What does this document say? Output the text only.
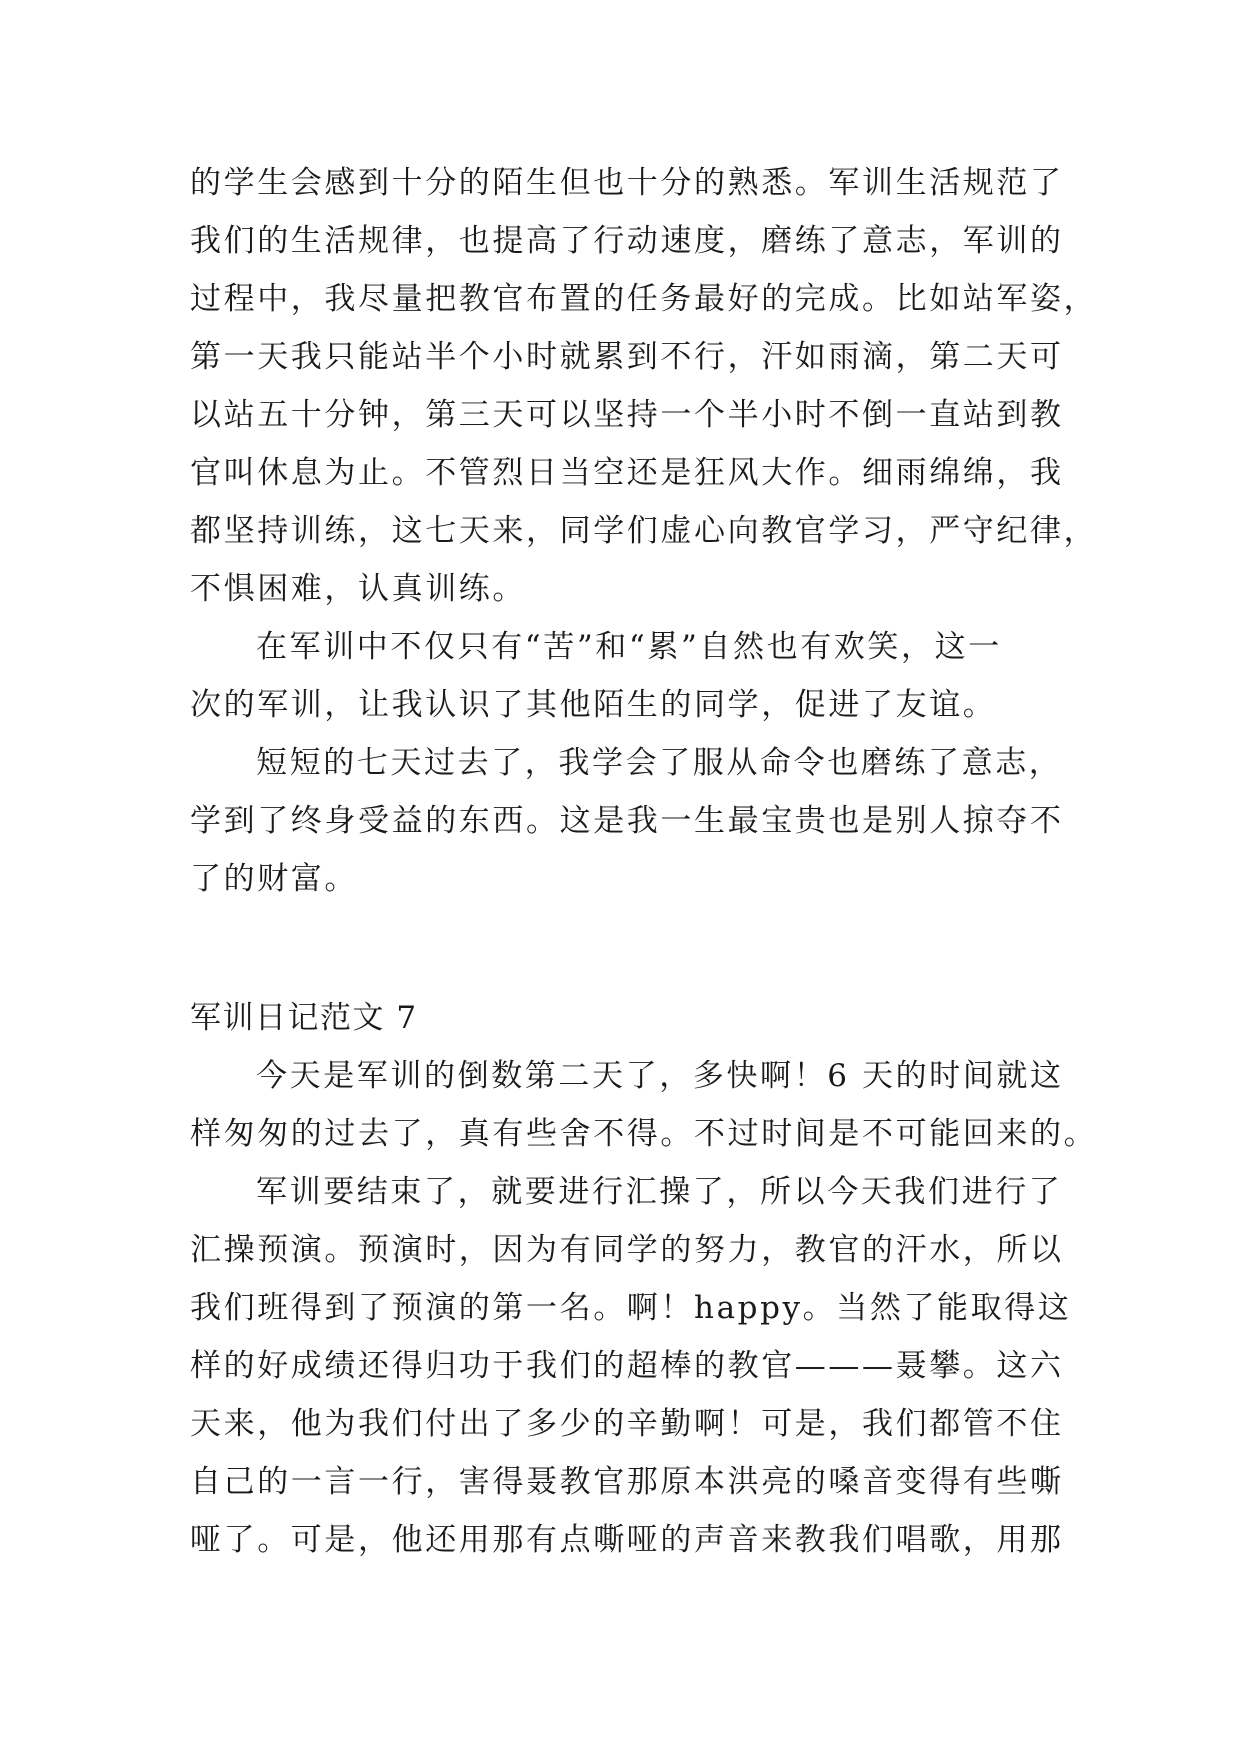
的学生会感到十分的陌生但也十分的熟悉。军训生活规范了
我们的生活规律，也提高了行动速度，磨练了意志，军训的
过程中，我尽量把教官布置的任务最好的完成。比如站军姿，
第一天我只能站半个小时就累到不行，汗如雨滴，第二天可
以站五十分钟，第三天可以坚持一个半小时不倒一直站到教
官叫休息为止。不管烈日当空还是狂风大作。细雨绵绵，我
都坚持训练，这七天来，同学们虚心向教官学习，严守纪律，
不惧困难，认真训练。
在军训中不仅只有“苦”和“累”自然也有欢笑，这一
次的军训，让我认识了其他陌生的同学，促进了友谊。
短短的七天过去了，我学会了服从命令也磨练了意志，
学到了终身受益的东西。这是我一生最宝贵也是别人掠夺不
了的财富。
军训日记范文 7
今天是军训的倒数第二天了，多快啊！6 天的时间就这
样匆匆的过去了，真有些舍不得。不过时间是不可能回来的。
军训要结束了，就要进行汇操了，所以今天我们进行了
汇操预演。预演时，因为有同学的努力，教官的汗水，所以
我们班得到了预演的第一名。啊！happy。当然了能取得这
样的好成绩还得归功于我们的超棒的教官———聂攀。这六
天来，他为我们付出了多少的辛勤啊！可是，我们都管不住
自己的一言一行，害得聂教官那原本洪亮的嗓音变得有些嘶
哑了。可是，他还用那有点嘶哑的声音来教我们唱歌，用那
